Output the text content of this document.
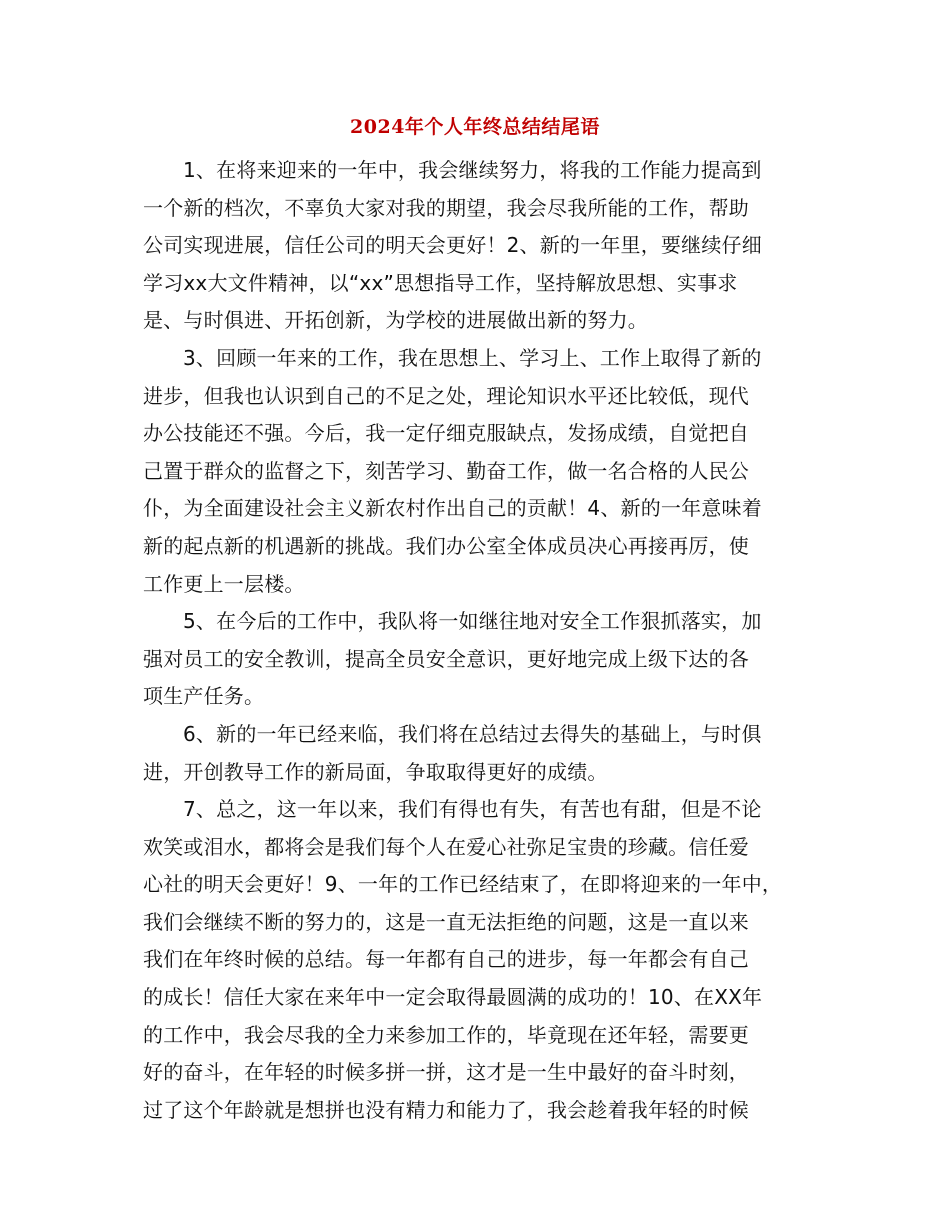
2024年个人年终总结结尾语
1、在将来迎来的一年中，我会继续努力，将我的工作能力提高到
一个新的档次，不辜负大家对我的期望，我会尽我所能的工作，帮助
公司实现进展，信任公司的明天会更好！2、新的一年里，要继续仔细
学习xx大文件精神，以“xx”思想指导工作，坚持解放思想、实事求
是、与时俱进、开拓创新，为学校的进展做出新的努力。
3、回顾一年来的工作，我在思想上、学习上、工作上取得了新的
进步，但我也认识到自己的不足之处，理论知识水平还比较低，现代
办公技能还不强。今后，我一定仔细克服缺点，发扬成绩，自觉把自
己置于群众的监督之下，刻苦学习、勤奋工作，做一名合格的人民公
仆，为全面建设社会主义新农村作出自己的贡献！4、新的一年意味着
新的起点新的机遇新的挑战。我们办公室全体成员决心再接再厉，使
工作更上一层楼。
5、在今后的工作中，我队将一如继往地对安全工作狠抓落实，加
强对员工的安全教训，提高全员安全意识，更好地完成上级下达的各
项生产任务。
6、新的一年已经来临，我们将在总结过去得失的基础上，与时俱
进，开创教导工作的新局面，争取取得更好的成绩。
7、总之，这一年以来，我们有得也有失，有苦也有甜，但是不论
欢笑或泪水，都将会是我们每个人在爱心社弥足宝贵的珍藏。信任爱
心社的明天会更好！9、一年的工作已经结束了，在即将迎来的一年中，
我们会继续不断的努力的，这是一直无法拒绝的问题，这是一直以来
我们在年终时候的总结。每一年都有自己的进步，每一年都会有自己
的成长！信任大家在来年中一定会取得最圆满的成功的！10、在XX年
的工作中，我会尽我的全力来参加工作的，毕竟现在还年轻，需要更
好的奋斗，在年轻的时候多拼一拼，这才是一生中最好的奋斗时刻，
过了这个年龄就是想拼也没有精力和能力了，我会趁着我年轻的时候
